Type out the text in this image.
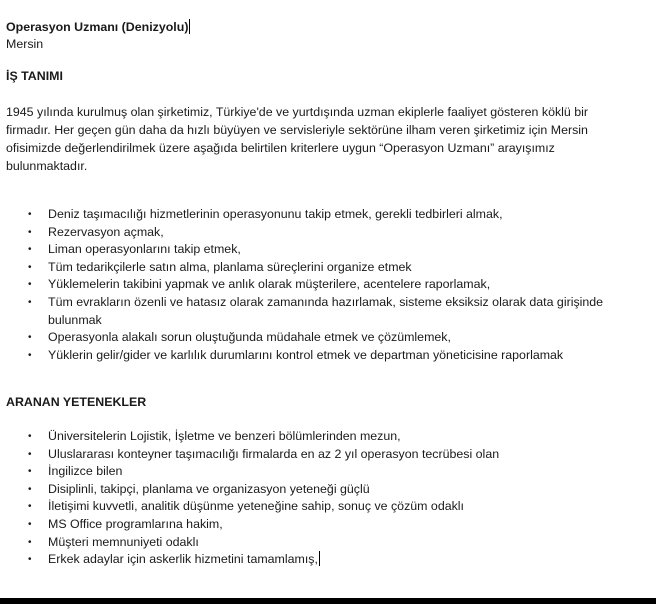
Operasyon Uzmanı (Denizyolu)
Mersin
İŞ TANIMI

1945 yılında kurulmuş olan şirketimiz, Türkiye'de ve yurtdışında uzman ekiplerle faaliyet gösteren köklü bir
firmadır. Her geçen gün daha da hızlı büyüyen ve servisleriyle sektörüne ilham veren şirketimiz için Mersin
ofisimizde değerlendirilmek üzere aşağıda belirtilen kriterlere uygun “Operasyon Uzmanı” arayışımız
bulunmaktadır.

• Deniz taşımacılığı hizmetlerinin operasyonunu takip etmek, gerekli tedbirleri almak,
• Rezervasyon açmak,
• Liman operasyonlarını takip etmek,
• Tüm tedarikçilerle satın alma, planlama süreçlerini organize etmek
• Yüklemelerin takibini yapmak ve anlık olarak müşterilere, acentelere raporlamak,
• Tüm evrakların özenli ve hatasız olarak zamanında hazırlamak, sisteme eksiksiz olarak data girişinde
bulunmak
• Operasyonla alakalı sorun oluştuğunda müdahale etmek ve çözümlemek,
• Yüklerin gelir/gider ve karlılık durumlarını kontrol etmek ve departman yöneticisine raporlamak
ARANAN YETENEKLER
• Üniversitelerin Lojistik, İşletme ve benzeri bölümlerinden mezun,
• Uluslararası konteyner taşımacılığı firmalarda en az 2 yıl operasyon tecrübesi olan
• İngilizce bilen
• Disiplinli, takipçi, planlama ve organizasyon yeteneği güçlü
• İletişimi kuvvetli, analitik düşünme yeteneğine sahip, sonuç ve çözüm odaklı
• MS Office programlarına hakim,
• Müşteri memnuniyeti odaklı
• Erkek adaylar için askerlik hizmetini tamamlamış,
